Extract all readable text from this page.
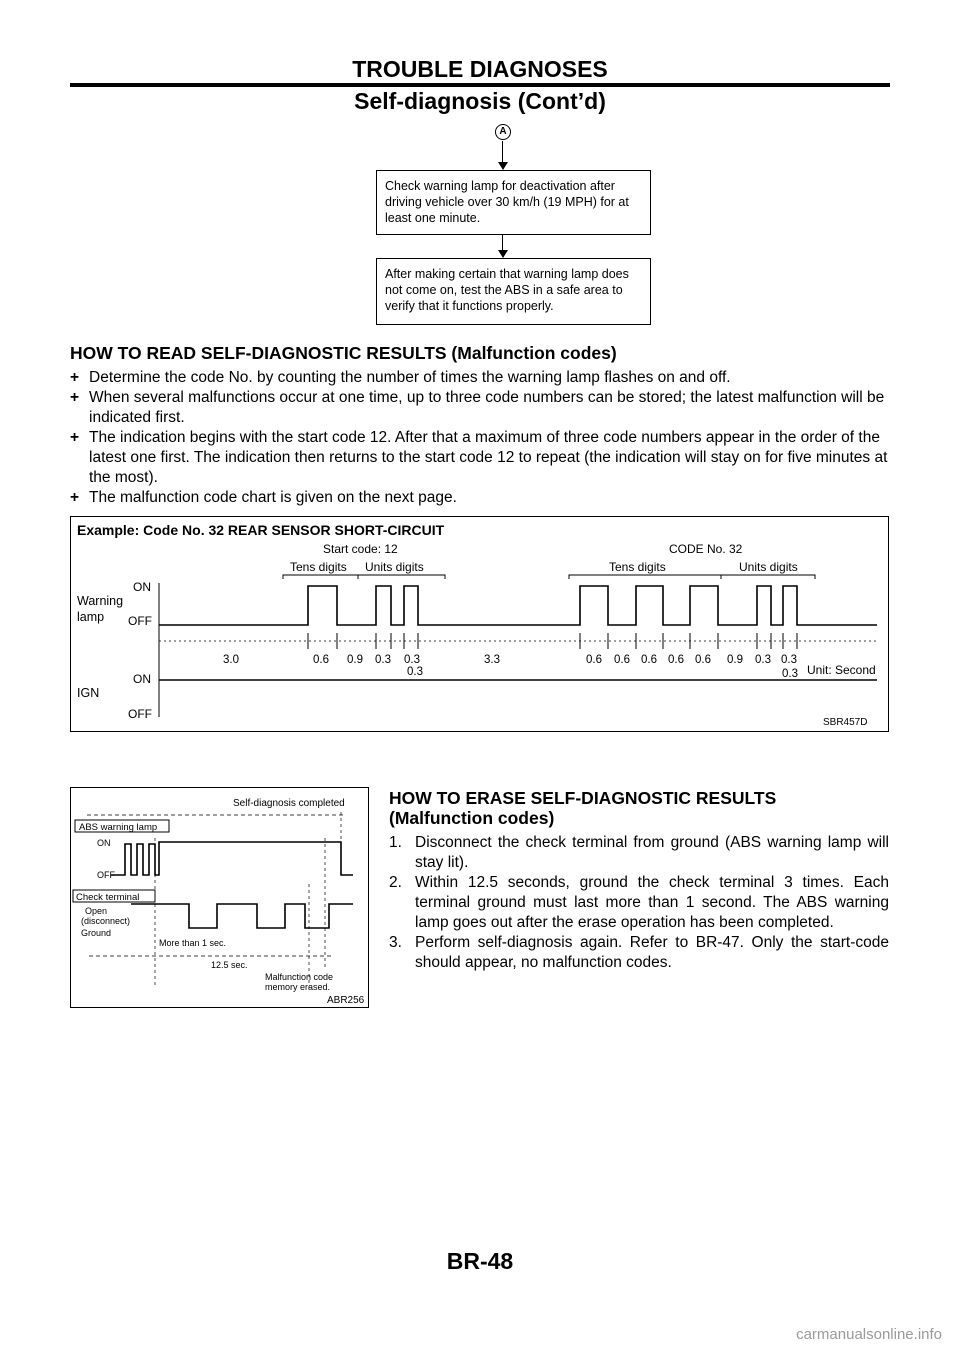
TROUBLE DIAGNOSES
Self-diagnosis (Cont’d)
A
Check warning lamp for deactivation after driving vehicle over 30 km/h (19 MPH) for at least one minute.
After making certain that warning lamp does not come on, test the ABS in a safe area to verify that it functions properly.
HOW TO READ SELF-DIAGNOSTIC RESULTS (Malfunction codes)
+ Determine the code No. by counting the number of times the warning lamp flashes on and off.
+ When several malfunctions occur at one time, up to three code numbers can be stored; the latest malfunction will be indicated first.
+ The indication begins with the start code 12. After that a maximum of three code numbers appear in the order of the latest one first. The indication then returns to the start code 12 to repeat (the indication will stay on for five minutes at the most).
+ The malfunction code chart is given on the next page.
Example: Code No. 32 REAR SENSOR SHORT-CIRCUIT
Start code: 12	CODE No. 32
Tens digits Units digits	Tens digits	Units digits
Warning
lamp
ON
OFF
3.0	0.6 0.9 0.3 0.3
0.3
3.3	0.6 0.6 0.6 0.6 0.6 0.9 0.3 0.3
0.3 Unit: Second
ON
IGN
OFF
SBR457D
Self-diagnosis completed
ABS warning lamp
ON
OFF
Check terminal
Open
(disconnect)
Ground
More than 1 sec.
12.5 sec.
Malfunction code
memory erased.
ABR256
HOW TO ERASE SELF-DIAGNOSTIC RESULTS
(Malfunction codes)
1. Disconnect the check terminal from ground (ABS warning lamp will stay lit).
2. Within 12.5 seconds, ground the check terminal 3 times. Each terminal ground must last more than 1 second. The ABS warning lamp goes out after the erase operation has been completed.
3. Perform self-diagnosis again. Refer to BR-47. Only the start-code should appear, no malfunction codes.
BR-48
carmanualsonline.info
